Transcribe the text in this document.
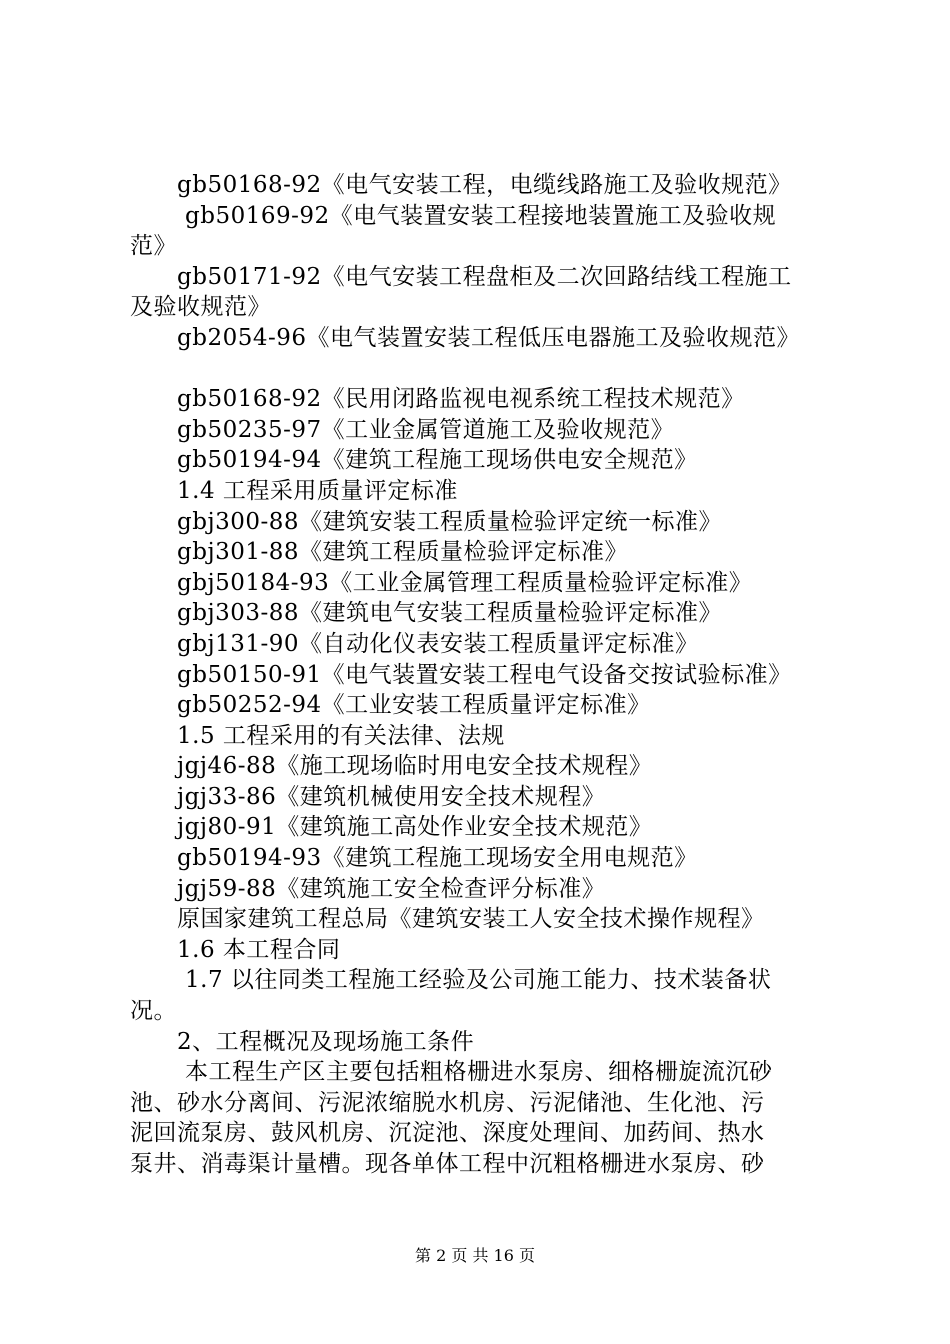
gb50168-92《电气安装工程，电缆线路施工及验收规范》
gb50169-92《电气装置安装工程接地装置施工及验收规
范》
gb50171-92《电气安装工程盘柜及二次回路结线工程施工
及验收规范》
gb2054-96《电气装置安装工程低压电器施工及验收规范》
gb50168-92《民用闭路监视电视系统工程技术规范》
gb50235-97《工业金属管道施工及验收规范》
gb50194-94《建筑工程施工现场供电安全规范》
1.4 工程采用质量评定标准
gbj300-88《建筑安装工程质量检验评定统一标准》
gbj301-88《建筑工程质量检验评定标准》
gbj50184-93《工业金属管理工程质量检验评定标准》
gbj303-88《建筑电气安装工程质量检验评定标准》
gbj131-90《自动化仪表安装工程质量评定标准》
gb50150-91《电气装置安装工程电气设备交按试验标准》
gb50252-94《工业安装工程质量评定标准》
1.5 工程采用的有关法律、法规
jgj46-88《施工现场临时用电安全技术规程》
jgj33-86《建筑机械使用安全技术规程》
jgj80-91《建筑施工高处作业安全技术规范》
gb50194-93《建筑工程施工现场安全用电规范》
jgj59-88《建筑施工安全检查评分标准》
原国家建筑工程总局《建筑安装工人安全技术操作规程》
1.6 本工程合同
1.7 以往同类工程施工经验及公司施工能力、技术装备状
况。
2、工程概况及现场施工条件
本工程生产区主要包括粗格栅进水泵房、细格栅旋流沉砂
池、砂水分离间、污泥浓缩脱水机房、污泥储池、生化池、污
泥回流泵房、鼓风机房、沉淀池、深度处理间、加药间、热水
泵井、消毒渠计量槽。现各单体工程中沉粗格栅进水泵房、砂
第 2 页 共 16 页
